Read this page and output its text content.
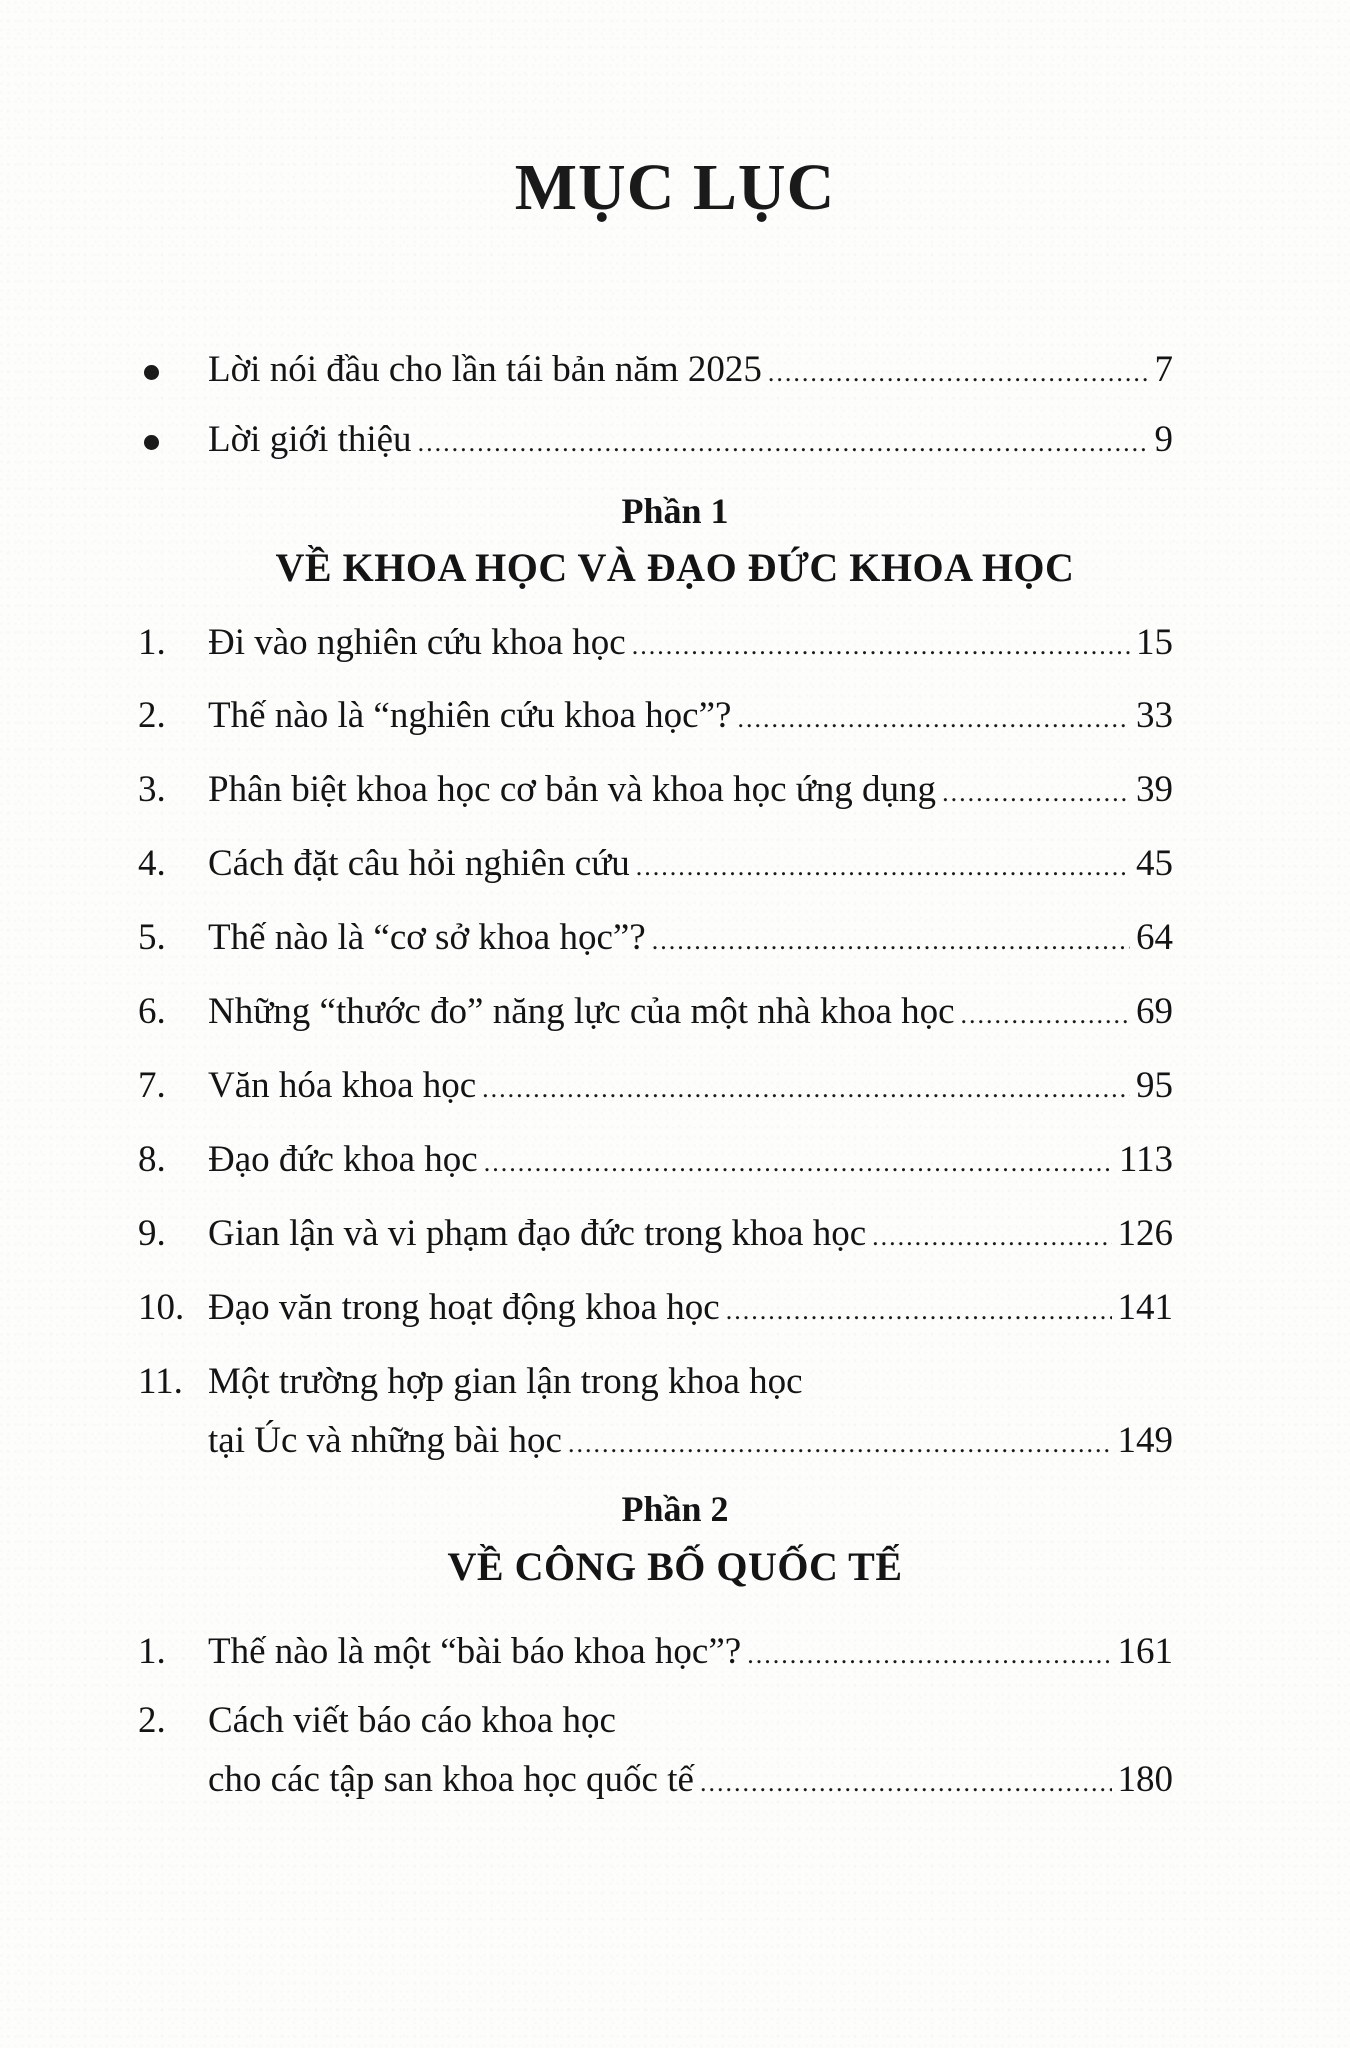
MỤC LỤC
Lời nói đầu cho lần tái bản năm 2025 .....	7
Lời giới thiệu .....	9
Phần 1
VỀ KHOA HỌC VÀ ĐẠO ĐỨC KHOA HỌC
1.	Đi vào nghiên cứu khoa học .....	15
2.	Thế nào là “nghiên cứu khoa học”? .....	33
3.	Phân biệt khoa học cơ bản và khoa học ứng dụng .....	39
4.	Cách đặt câu hỏi nghiên cứu .....	45
5.	Thế nào là “cơ sở khoa học”? .....	64
6.	Những “thước đo” năng lực của một nhà khoa học .....	69
7.	Văn hóa khoa học .....	95
8.	Đạo đức khoa học .....	113
9.	Gian lận và vi phạm đạo đức trong khoa học .....	126
10. Đạo văn trong hoạt động khoa học .....	141
11. Một trường hợp gian lận trong khoa học
tại Úc và những bài học .....	149
Phần 2
VỀ CÔNG BỐ QUỐC TẾ
1.	Thế nào là một “bài báo khoa học”? .....	161
2.	Cách viết báo cáo khoa học
cho các tập san khoa học quốc tế .....	180
